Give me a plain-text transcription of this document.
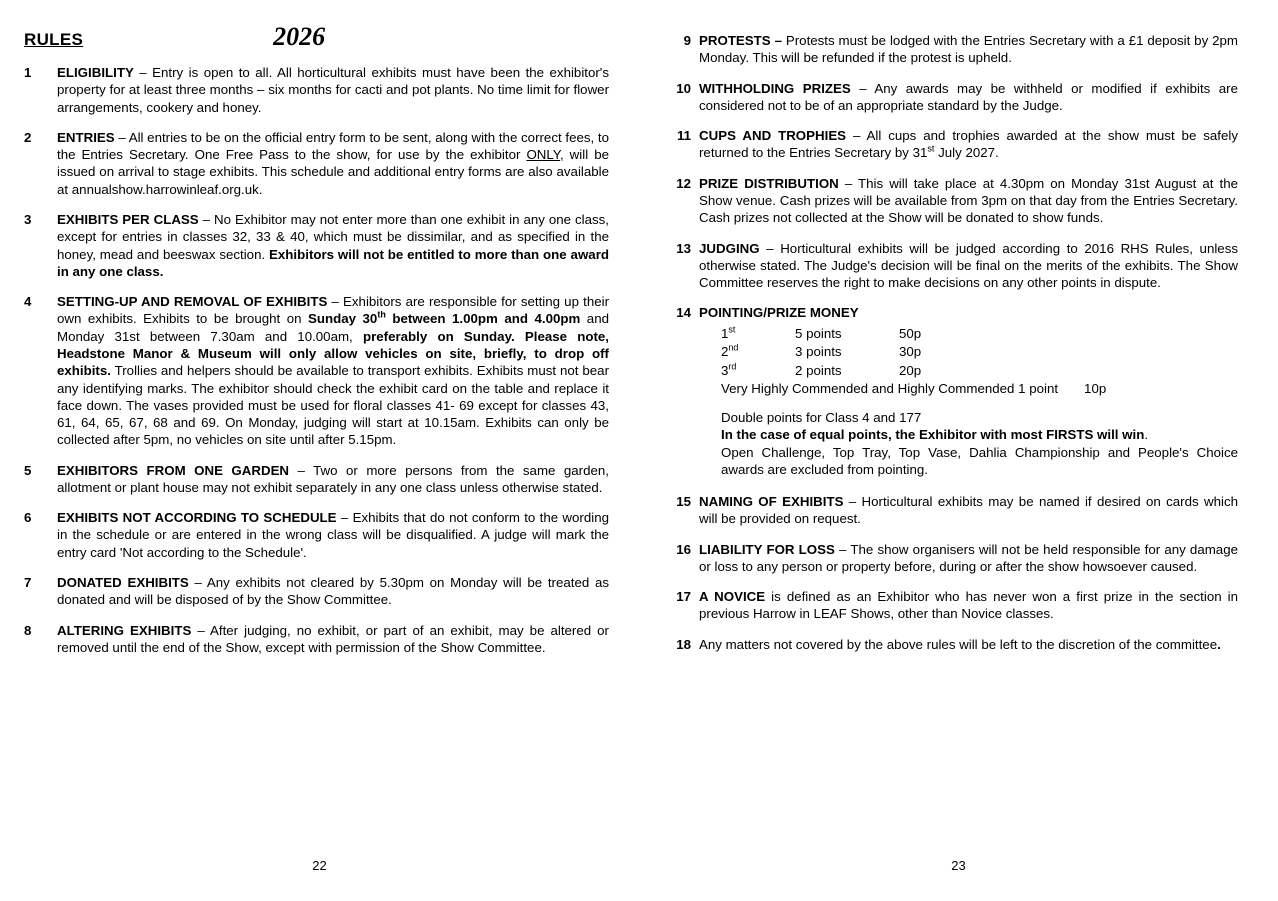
RULES	2026
1	ELIGIBILITY – Entry is open to all. All horticultural exhibits must have been the exhibitor's property for at least three months – six months for cacti and pot plants. No time limit for flower arrangements, cookery and honey.
2	ENTRIES – All entries to be on the official entry form to be sent, along with the correct fees, to the Entries Secretary. One Free Pass to the show, for use by the exhibitor ONLY, will be issued on arrival to stage exhibits. This schedule and additional entry forms are also available at annualshow.harrowinleaf.org.uk.
3	EXHIBITS PER CLASS – No Exhibitor may not enter more than one exhibit in any one class, except for entries in classes 32, 33 & 40, which must be dissimilar, and as specified in the honey, mead and beeswax section. Exhibitors will not be entitled to more than one award in any one class.
4	SETTING-UP AND REMOVAL OF EXHIBITS – Exhibitors are responsible for setting up their own exhibits. Exhibits to be brought on Sunday 30th between 1.00pm and 4.00pm and Monday 31st between 7.30am and 10.00am, preferably on Sunday. Please note, Headstone Manor & Museum will only allow vehicles on site, briefly, to drop off exhibits. Trollies and helpers should be available to transport exhibits. Exhibits must not bear any identifying marks. The exhibitor should check the exhibit card on the table and replace it face down. The vases provided must be used for floral classes 41- 69 except for classes 43, 61, 64, 65, 67, 68 and 69. On Monday, judging will start at 10.15am. Exhibits can only be collected after 5pm, no vehicles on site until after 5.15pm.
5	EXHIBITORS FROM ONE GARDEN – Two or more persons from the same garden, allotment or plant house may not exhibit separately in any one class unless otherwise stated.
6	EXHIBITS NOT ACCORDING TO SCHEDULE – Exhibits that do not conform to the wording in the schedule or are entered in the wrong class will be disqualified. A judge will mark the entry card 'Not according to the Schedule'.
7	DONATED EXHIBITS – Any exhibits not cleared by 5.30pm on Monday will be treated as donated and will be disposed of by the Show Committee.
8	ALTERING EXHIBITS – After judging, no exhibit, or part of an exhibit, may be altered or removed until the end of the Show, except with permission of the Show Committee.
22
9 PROTESTS – Protests must be lodged with the Entries Secretary with a £1 deposit by 2pm Monday. This will be refunded if the protest is upheld.
10 WITHHOLDING PRIZES – Any awards may be withheld or modified if exhibits are considered not to be of an appropriate standard by the Judge.
11 CUPS AND TROPHIES – All cups and trophies awarded at the show must be safely returned to the Entries Secretary by 31st July 2027.
12 PRIZE DISTRIBUTION – This will take place at 4.30pm on Monday 31st August at the Show venue. Cash prizes will be available from 3pm on that day from the Entries Secretary. Cash prizes not collected at the Show will be donated to show funds.
13 JUDGING – Horticultural exhibits will be judged according to 2016 RHS Rules, unless otherwise stated. The Judge's decision will be final on the merits of the exhibits. The Show Committee reserves the right to make decisions on any other points in dispute.
14 POINTING/PRIZE MONEY
1st	5 points	50p
2nd	3 points	30p
3rd	2 points	20p
Very Highly Commended and Highly Commended 1 point 10p
Double points for Class 4 and 177
In the case of equal points, the Exhibitor with most FIRSTS will win.
Open Challenge, Top Tray, Top Vase, Dahlia Championship and People's Choice awards are excluded from pointing.
15 NAMING OF EXHIBITS – Horticultural exhibits may be named if desired on cards which will be provided on request.
16 LIABILITY FOR LOSS – The show organisers will not be held responsible for any damage or loss to any person or property before, during or after the show howsoever caused.
17 A NOVICE is defined as an Exhibitor who has never won a first prize in the section in previous Harrow in LEAF Shows, other than Novice classes.
18 Any matters not covered by the above rules will be left to the discretion of the committee.
23
